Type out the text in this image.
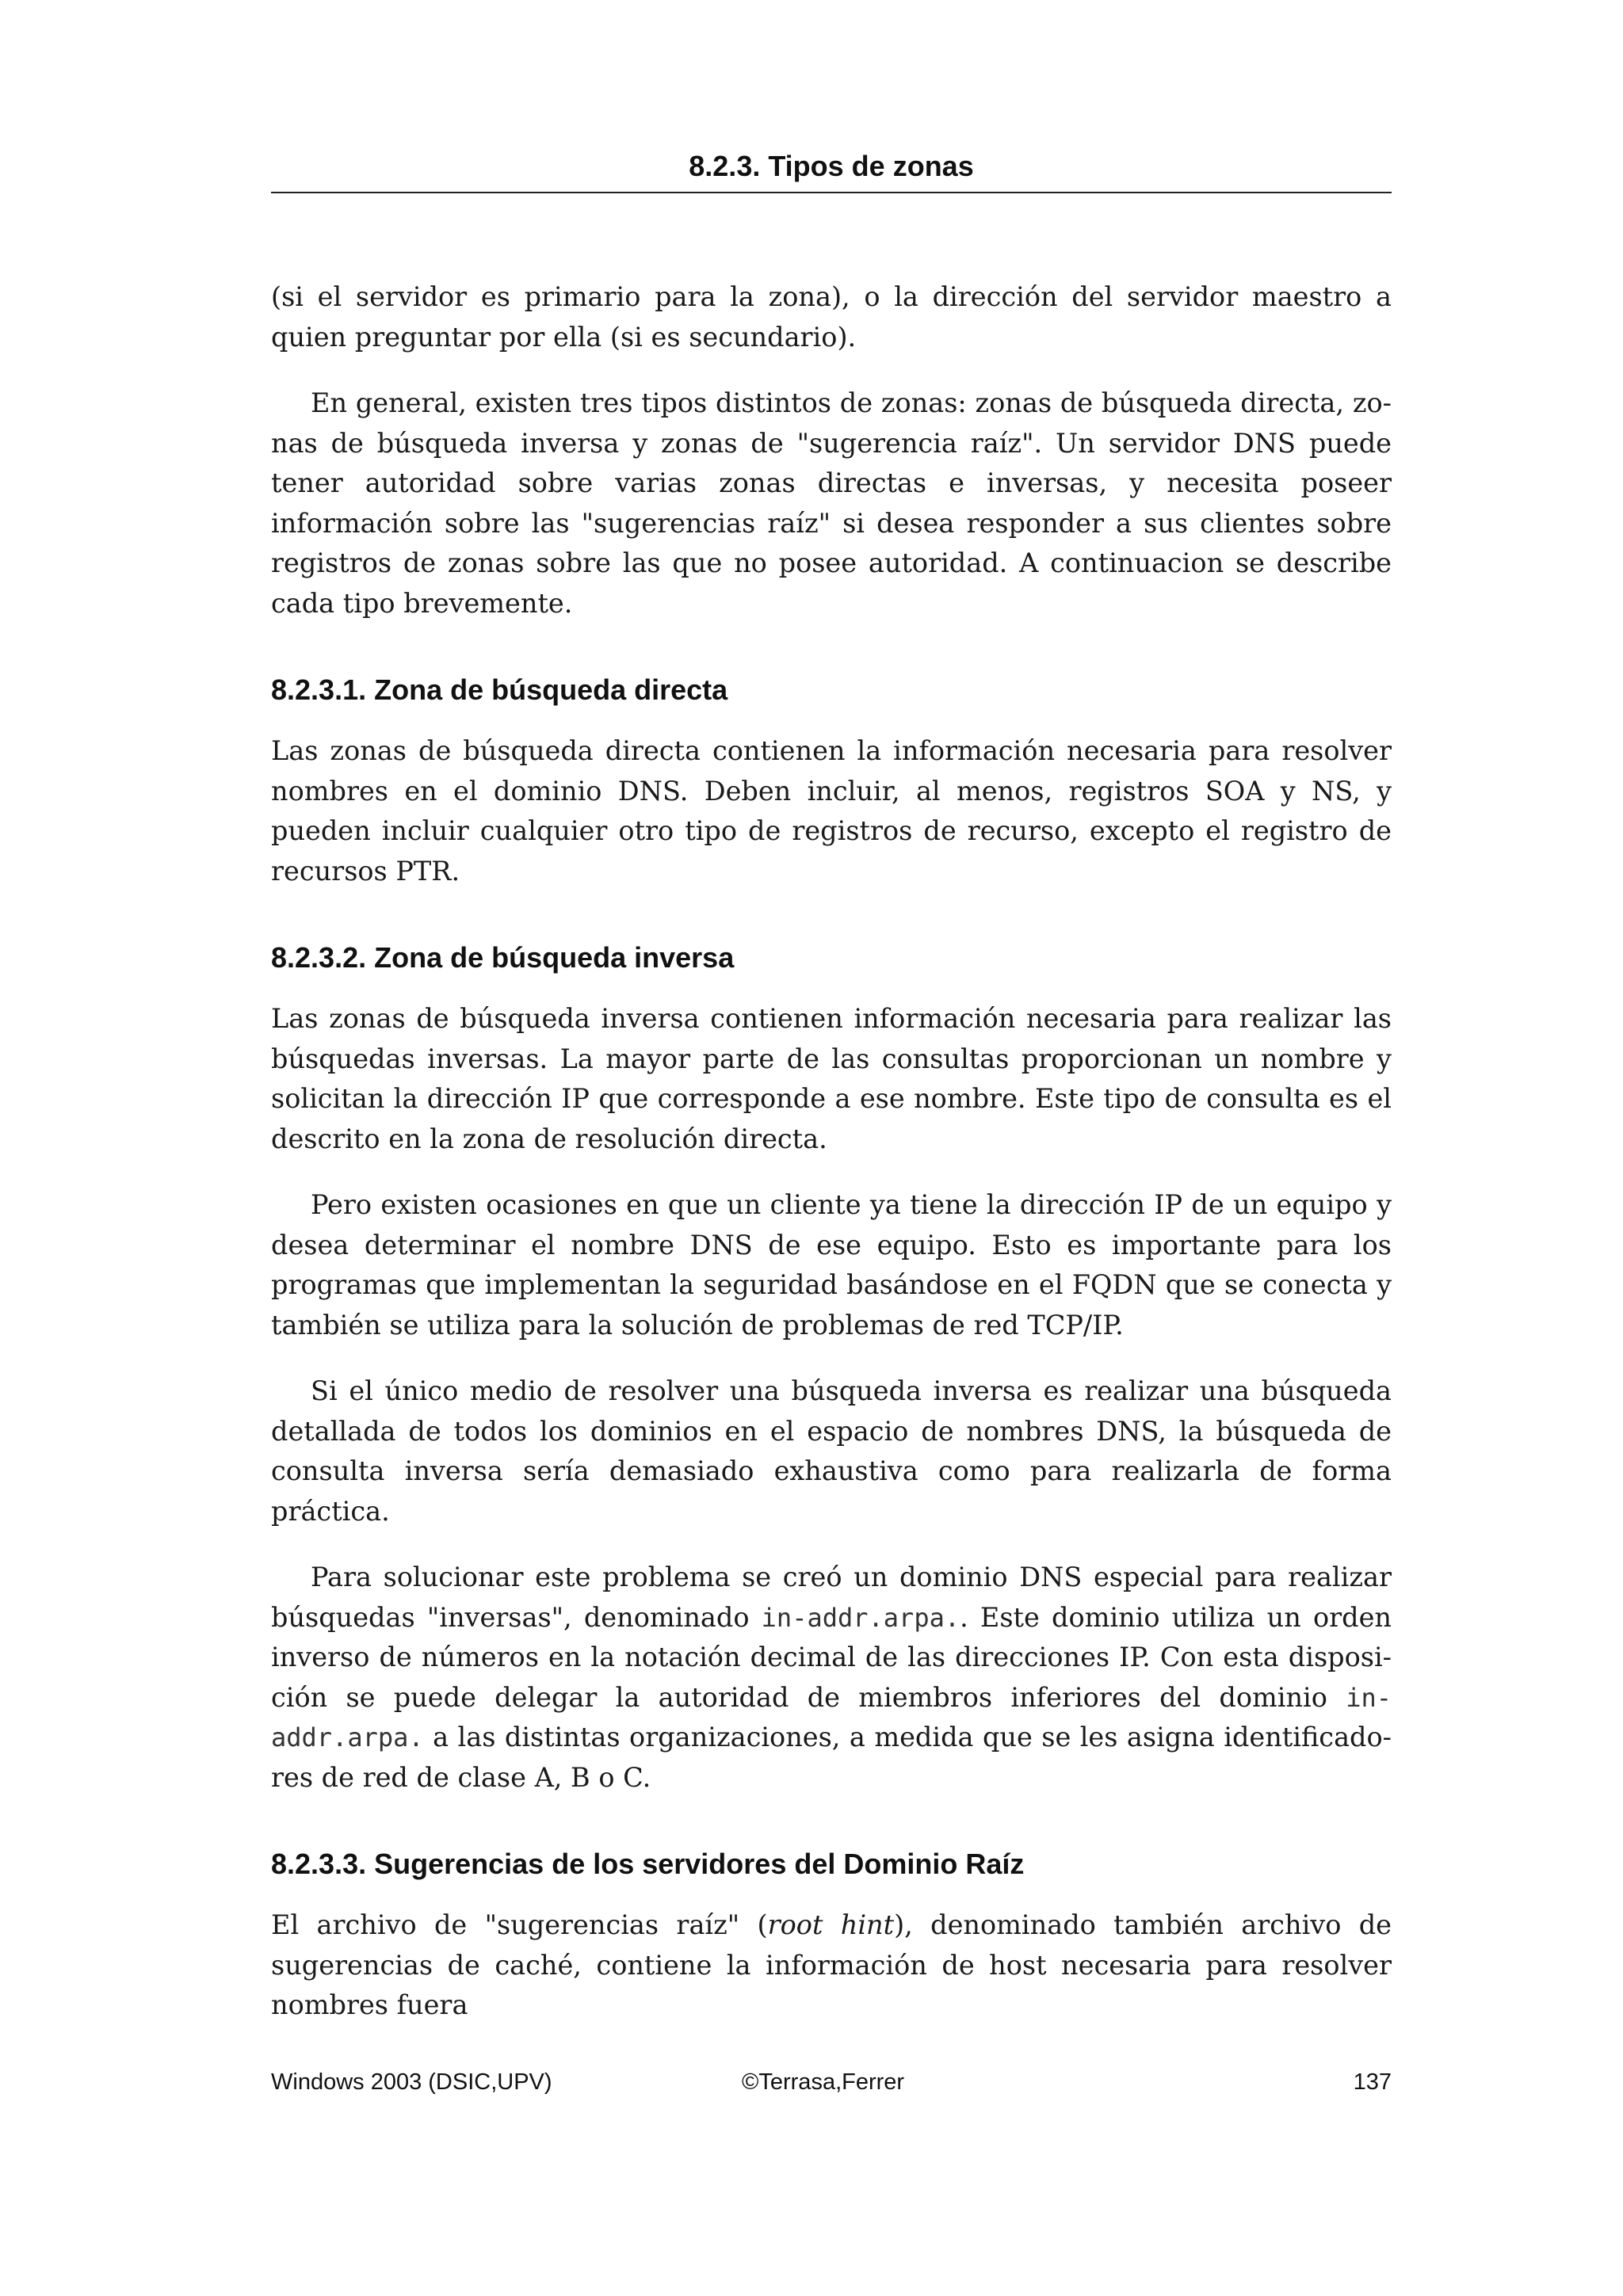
8.2.3. Tipos de zonas

(si el servidor es primario para la zona), o la dirección del servidor maestro a quien preguntar por ella (si es secundario).

En general, existen tres tipos distintos de zonas: zonas de búsqueda directa, zonas de búsqueda inversa y zonas de "sugerencia raíz". Un servidor DNS puede tener autoridad sobre varias zonas directas e inversas, y necesita poseer información sobre las "sugerencias raíz" si desea responder a sus clientes sobre registros de zonas sobre las que no posee autoridad. A continuacion se describe cada tipo brevemente.

8.2.3.1. Zona de búsqueda directa

Las zonas de búsqueda directa contienen la información necesaria para resolver nombres en el dominio DNS. Deben incluir, al menos, registros SOA y NS, y pueden incluir cualquier otro tipo de registros de recurso, excepto el registro de recursos PTR.

8.2.3.2. Zona de búsqueda inversa

Las zonas de búsqueda inversa contienen información necesaria para realizar las búsquedas inversas. La mayor parte de las consultas proporcionan un nombre y solicitan la dirección IP que corresponde a ese nombre. Este tipo de consulta es el descrito en la zona de resolución directa.

Pero existen ocasiones en que un cliente ya tiene la dirección IP de un equipo y desea determinar el nombre DNS de ese equipo. Esto es importante para los programas que implementan la seguridad basándose en el FQDN que se conecta y también se utiliza para la solución de problemas de red TCP/IP.

Si el único medio de resolver una búsqueda inversa es realizar una búsqueda detallada de todos los dominios en el espacio de nombres DNS, la búsqueda de consulta inversa sería demasiado exhaustiva como para realizarla de forma práctica.

Para solucionar este problema se creó un dominio DNS especial para realizar búsquedas "inversas", denominado in-addr.arpa.. Este dominio utiliza un orden inverso de números en la notación decimal de las direcciones IP. Con esta disposición se puede delegar la autoridad de miembros inferiores del dominio in-addr.arpa. a las distintas organizaciones, a medida que se les asigna identificadores de red de clase A, B o C.

8.2.3.3. Sugerencias de los servidores del Dominio Raíz

El archivo de "sugerencias raíz" (root hint), denominado también archivo de sugerencias de caché, contiene la información de host necesaria para resolver nombres fuera

Windows 2003 (DSIC,UPV)	©Terrasa,Ferrer	137
